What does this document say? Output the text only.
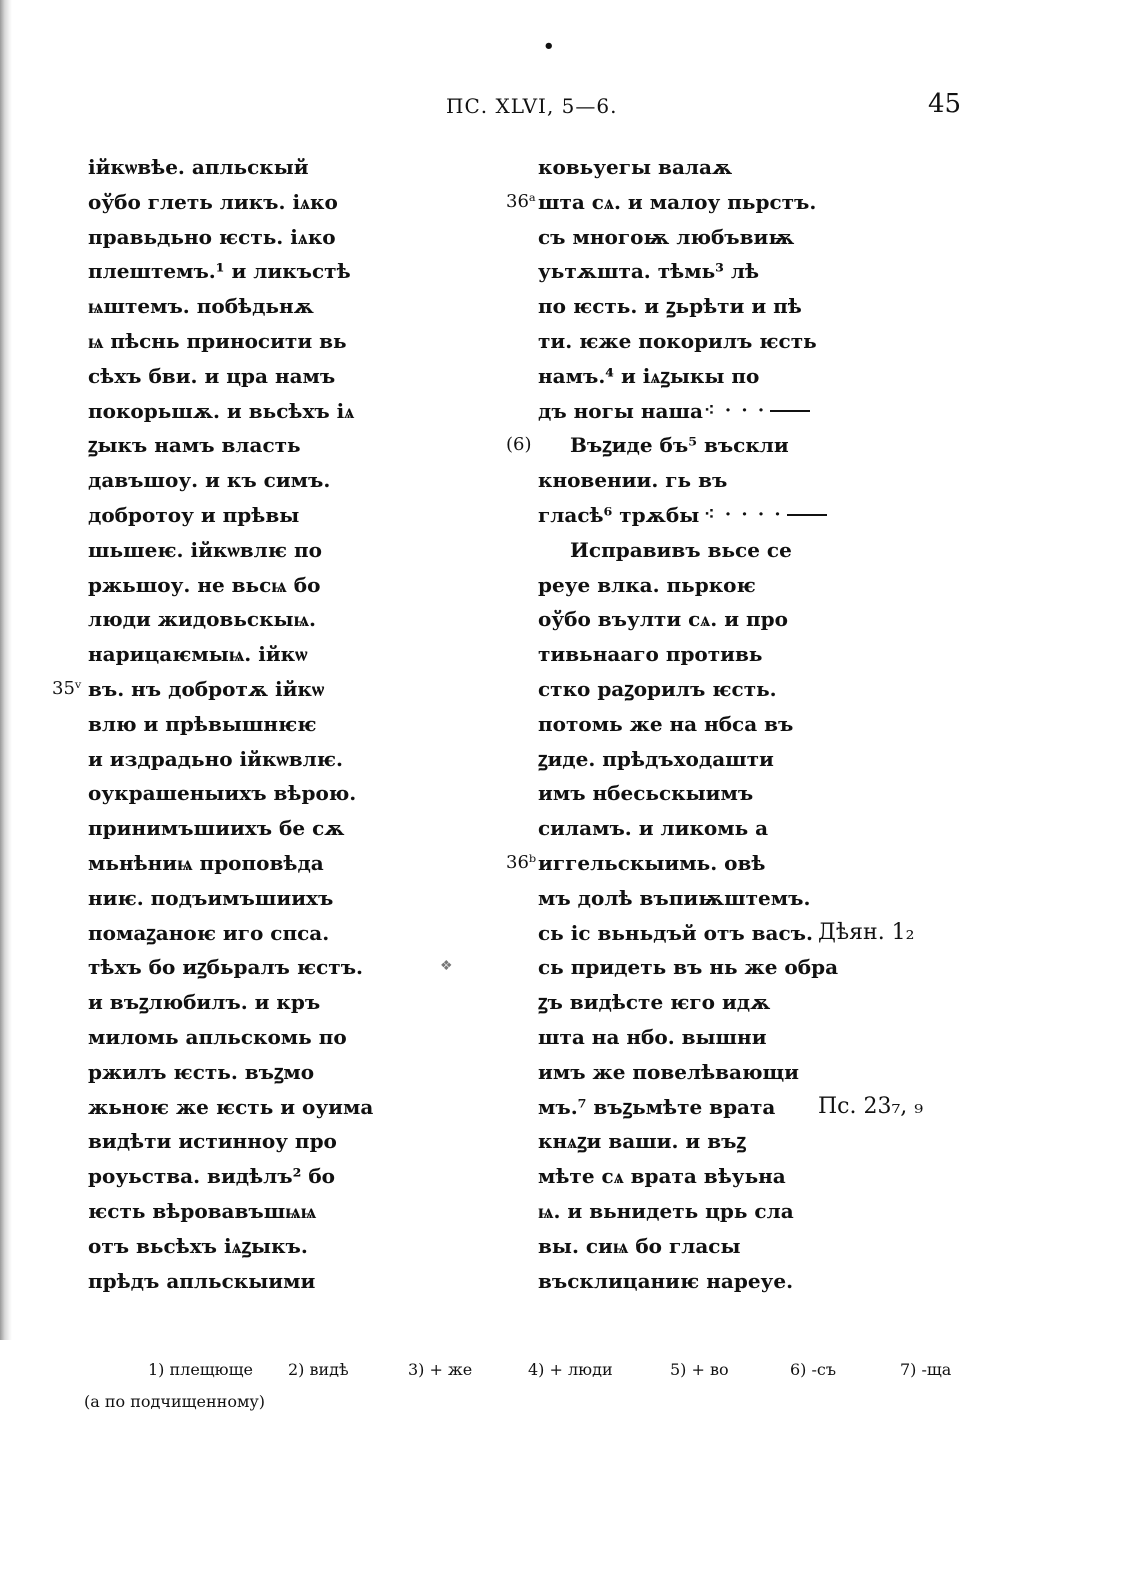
•
ПС. XLVI, 5—6.	45
ійкѡвѣе. апльскый
оўбо глеть ликъ. іѧко
правьдьно ѥсть. іѧко
плештемъ.¹ и ликъстѣ
ѩштемъ. побѣдьнѫ
ѩ пѣснь приносити вь
сѣхъ бви. и цра намъ
покорьшѫ. и вьсѣхъ іѧ
ꙁыкъ намъ власть
давъшоу. и къ симъ.
добротоу и прѣвы
шьшеѥ. ійкѡвлѥ по
ржьшоу. не вьсѩ бо
люди жидовьскыѩ.
нарицаѥмыѩ. ійкѡ
35ᵛ въ. нъ добротѫ ійкѡ
влю и прѣвышнѥѥ
и издрадьно ійкѡвлѥ.
оукрашеныихъ вѣрою.
принимъшиихъ бе сѫ
мьнѣниѩ проповѣда
ниѥ. подъимъшиихъ
помаꙁаноѥ иго спса.
тѣхъ бо иꙁбьралъ ѥстъ.
и въꙁлюбилъ. и кръ
миломь апльскомь по
ржилъ ѥсть. въꙁмо
жьноѥ же ѥсть и оуима
видѣти истинноу про
роуьства. видѣлъ² бо
ѥсть вѣровавъшѩѩ
отъ вьсѣхъ іѧꙁыкъ.
прѣдъ апльскыими
ковьуегы валаѫ
36ᵃ шта сѧ. и малоу пьрстъ.
съ многоѭ любъвиѭ
уьтѫшта. тѣмь³ лѣ
по ѥсть. и ꙁьрѣти и пѣ
ти. ѥже покорилъ ѥсть
намъ.⁴ и іѧꙁыкы по
дъ ногы наша ⁖ · · ·
(6) Въꙁиде бъ⁵ въскли
кновении. гь въ
гласѣ⁶ трѫбы ⁖ · · · ·
Исправивъ вьсе се
реуе влка. пьркоѥ
оўбо въулти сѧ. и про
тивьнааго противь
стко раꙁорилъ ѥсть.
потомь же на нбса въ
ꙁиде. прѣдъходашти
имъ нбесьскыимъ
силамъ. и ликомь а
36ᵇ иггельскыимь. овѣ
мъ долѣ въпиѭштемъ.
сь іс вьньдъй отъ васъ. Дѣян. 1₂
сь придеть въ нь же обра
ꙁъ видѣсте ѥго идѫ
шта на нбо. вышни
имъ же повелѣвающи
мъ.⁷ въꙁьмѣте врата Пс. 23₇, ₉
кнѧꙁи ваши. и въꙁ
мѣте сѧ врата вѣуьна
ѩ. и вьнидеть црь сла
вы. сиѩ бо гласы
въсклицаниѥ нареуе.
❖
1) плещюще 2) видѣ	3) + же	4) + люди	5) + во	6) -съ	7) -ща
(а по подчищенному)
